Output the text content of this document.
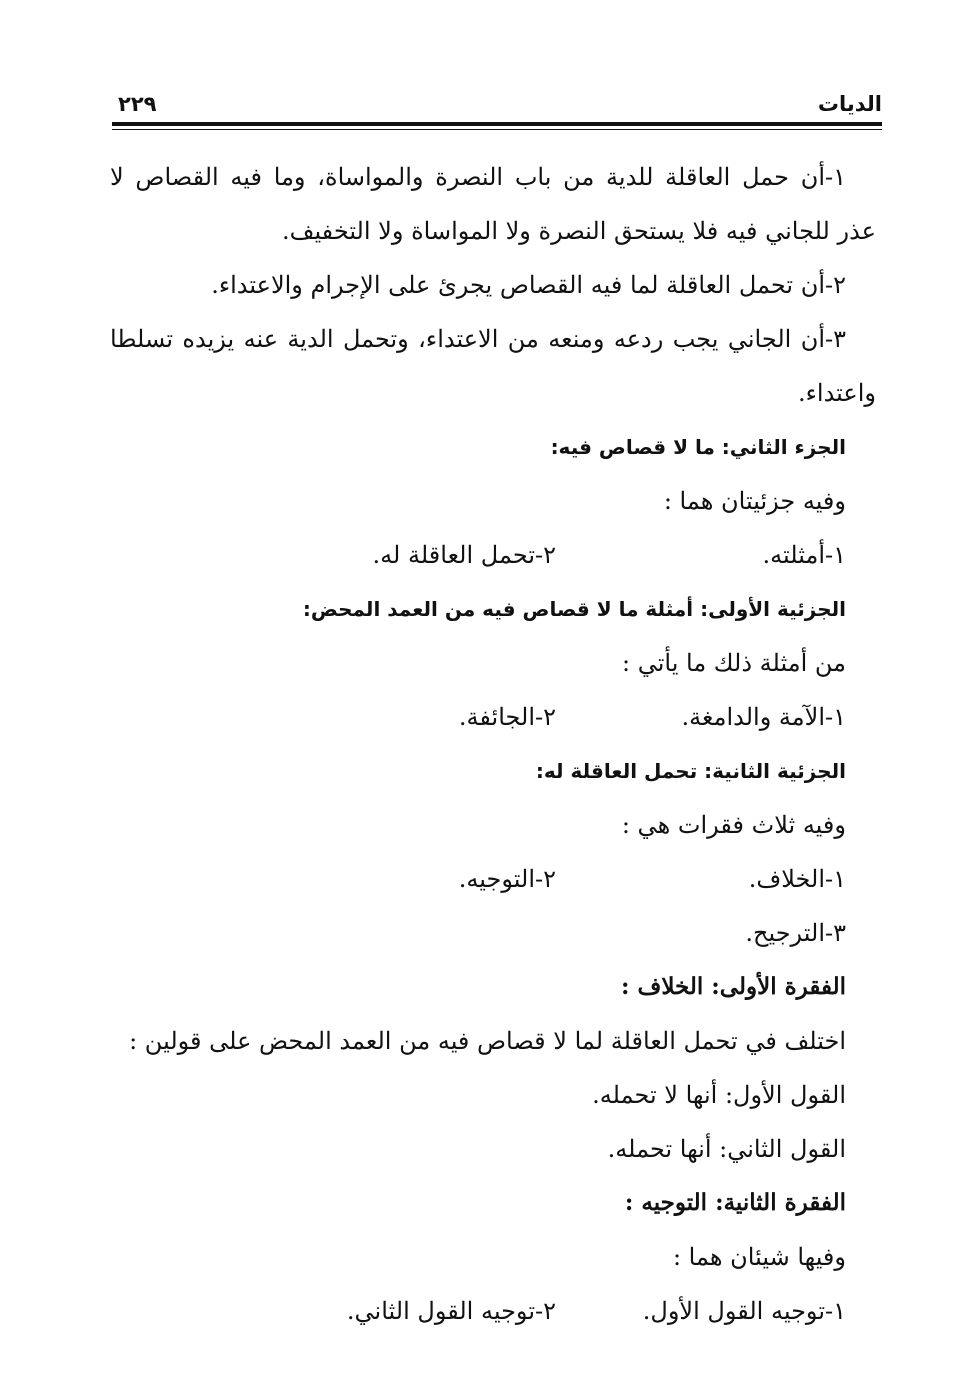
الديات
٢٢٩
١-أن حمل العاقلة للدية من باب النصرة والمواساة، وما فيه القصاص لا
عذر للجاني فيه فلا يستحق النصرة ولا المواساة ولا التخفيف.
٢-أن تحمل العاقلة لما فيه القصاص يجرئ على الإجرام والاعتداء.
٣-أن الجاني يجب ردعه ومنعه من الاعتداء، وتحمل الدية عنه يزيده تسلطا
واعتداء.
الجزء الثاني: ما لا قصاص فيه:
وفيه جزئيتان هما :
١-أمثلته.
٢-تحمل العاقلة له.
الجزئية الأولى: أمثلة ما لا قصاص فيه من العمد المحض:
من أمثلة ذلك ما يأتي :
١-الآمة والدامغة.
٢-الجائفة.
الجزئية الثانية: تحمل العاقلة له:
وفيه ثلاث فقرات هي :
١-الخلاف.
٢-التوجيه.
٣-الترجيح.
الفقرة الأولى: الخلاف :
اختلف في تحمل العاقلة لما لا قصاص فيه من العمد المحض على قولين :
القول الأول: أنها لا تحمله.
القول الثاني: أنها تحمله.
الفقرة الثانية: التوجيه :
وفيها شيئان هما :
١-توجيه القول الأول.
٢-توجيه القول الثاني.
